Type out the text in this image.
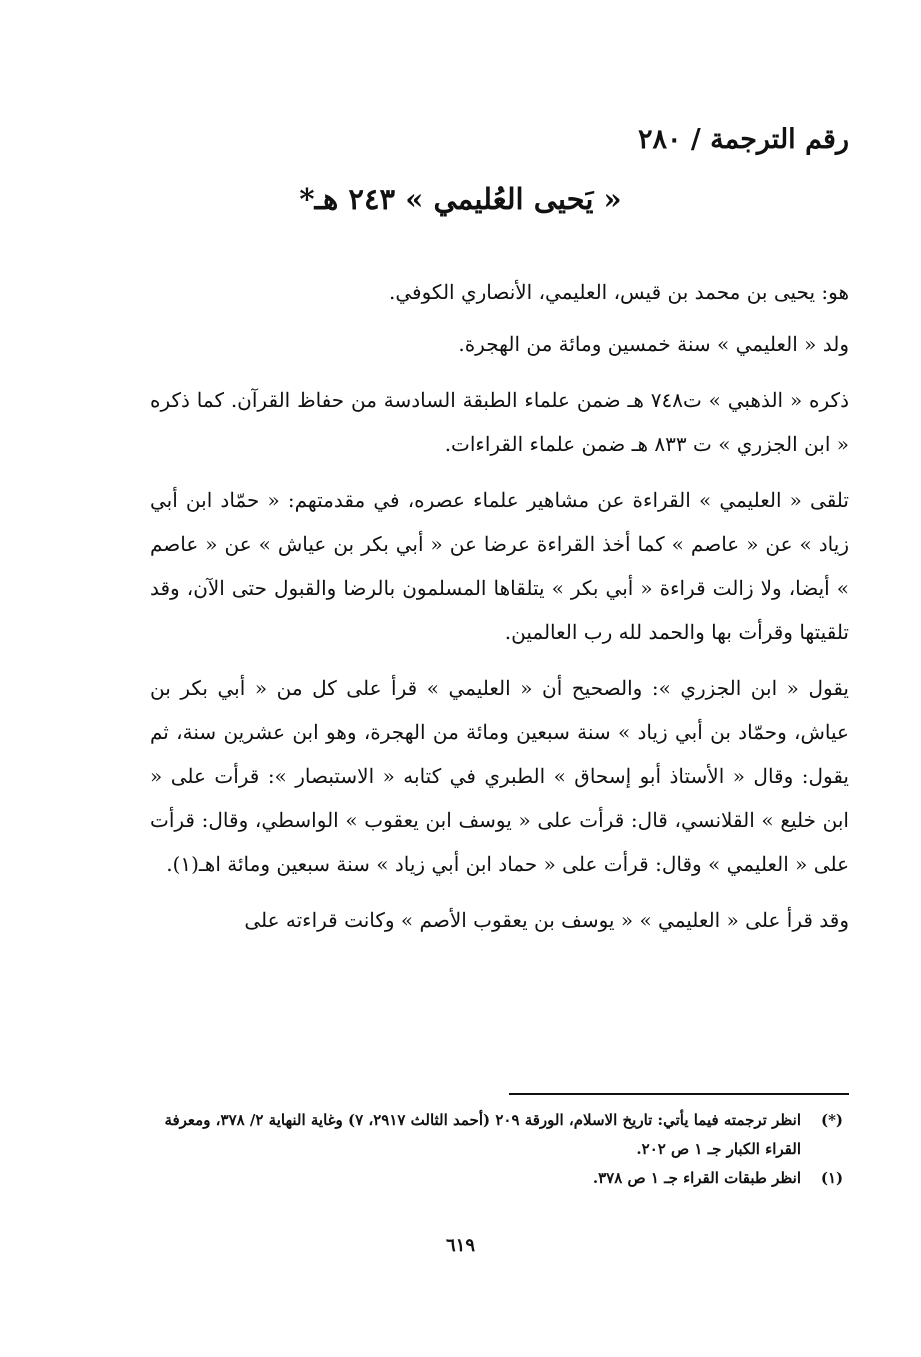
رقم الترجمة / ٢٨٠
« يَحيى العُليمي » ٢٤٣ هـ*

هو: يحيى بن محمد بن قيس، العليمي، الأنصاري الكوفي.

ولد « العليمي » سنة خمسين ومائة من الهجرة.

ذكره « الذهبي » ت٧٤٨ هـ ضمن علماء الطبقة السادسة من حفاظ القرآن. كما ذكره « ابن الجزري » ت ٨٣٣ هـ ضمن علماء القراءات.

تلقى « العليمي » القراءة عن مشاهير علماء عصره، في مقدمتهم: « حمّاد ابن أبي زياد » عن « عاصم » كما أخذ القراءة عرضا عن « أبي بكر بن عياش » عن « عاصم » أيضا، ولا زالت قراءة « أبي بكر » يتلقاها المسلمون بالرضا والقبول حتى الآن، وقد تلقيتها وقرأت بها والحمد لله رب العالمين.

يقول « ابن الجزري »: والصحيح أن « العليمي » قرأ على كل من « أبي بكر بن عياش، وحمّاد بن أبي زياد » سنة سبعين ومائة من الهجرة، وهو ابن عشرين سنة، ثم يقول: وقال « الأستاذ أبو إسحاق » الطبري في كتابه « الاستبصار »: قرأت على « ابن خليع » القلانسي، قال: قرأت على « يوسف ابن يعقوب » الواسطي، وقال: قرأت على « العليمي » وقال: قرأت على « حماد ابن أبي زياد » سنة سبعين ومائة اهـ(١).

وقد قرأ على « العليمي » « يوسف بن يعقوب الأصم » وكانت قراءته على

(*)
انظر ترجمته فيما يأتي: تاريخ الاسلام، الورقة ٢٠٩ (أحمد الثالث ٢٩١٧، ٧) وغاية النهاية ٢/ ٣٧٨، ومعرفة القراء الكبار جـ ١ ص ٢٠٢.
(١)
انظر طبقات القراء جـ ١ ص ٣٧٨.
٦١٩
